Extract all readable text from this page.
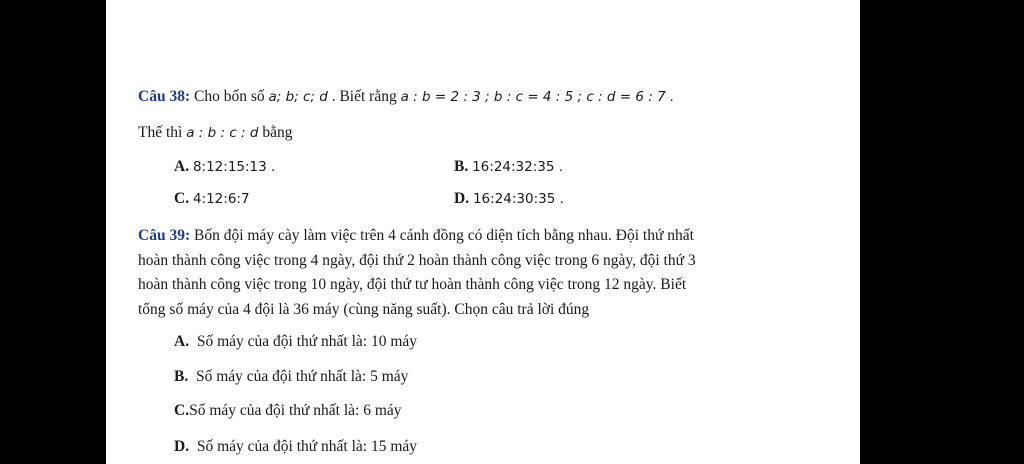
Câu 38: Cho bốn số a; b; c; d . Biết rằng a : b = 2 : 3 ; b : c = 4 : 5 ; c : d = 6 : 7 .
Thế thì a : b : c : d bằng
A. 8:12:15:13 .	B. 16:24:32:35 .
C. 4:12:6:7	D. 16:24:30:35 .
Câu 39: Bốn đội máy cày làm việc trên 4 cánh đồng có diện tích bằng nhau. Đội thứ nhất
hoàn thành công việc trong 4 ngày, đội thứ 2 hoàn thành công việc trong 6 ngày, đội thứ 3
hoàn thành công việc trong 10 ngày, đội thứ tư hoàn thành công việc trong 12 ngày. Biết
tổng số máy của 4 đội là 36 máy (cùng năng suất). Chọn câu trả lời đúng
A.  Số máy của đội thứ nhất là: 10 máy
B.  Số máy của đội thứ nhất là: 5 máy
C.Số máy của đội thứ nhất là: 6 máy
D.  Số máy của đội thứ nhất là: 15 máy
